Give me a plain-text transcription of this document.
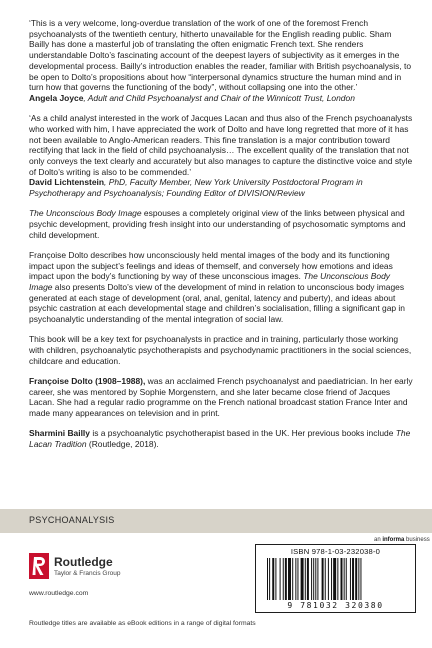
‘This is a very welcome, long-overdue translation of the work of one of the foremost French psychoanalysts of the twentieth century, hitherto unavailable for the English reading public. Sham Bailly has done a masterful job of translating the often enigmatic French text. She renders understandable Dolto’s fascinating account of the deepest layers of subjectivity as it emerges in the developmental process. Bailly’s introduction enables the reader, familiar with British psychoanalysis, to be open to Dolto’s propositions about how “interpersonal dynamics structure the human mind and in turn how that governs the functioning of the body”, without collapsing one into the other.’

Angela Joyce, Adult and Child Psychoanalyst and Chair of the Winnicott Trust, London

‘As a child analyst interested in the work of Jacques Lacan and thus also of the French psychoanalysts who worked with him, I have appreciated the work of Dolto and have long regretted that more of it has not been available to Anglo-American readers. This fine translation is a major contribution toward rectifying that lack in the field of child psychoanalysis… The excellent quality of the translation that not only conveys the text clearly and accurately but also manages to capture the distinctive voice and style of Dolto’s writing is also to be commended.’

David Lichtenstein, PhD, Faculty Member, New York University Postdoctoral Program in Psychotherapy and Psychoanalysis; Founding Editor of DIVISION/Review

The Unconscious Body Image espouses a completely original view of the links between physical and psychic development, providing fresh insight into our understanding of psychosomatic symptoms and child development.

Françoise Dolto describes how unconsciously held mental images of the body and its functioning impact upon the subject’s feelings and ideas of themself, and conversely how emotions and ideas impact upon the body’s functioning by way of these unconscious images. The Unconscious Body Image also presents Dolto’s view of the development of mind in relation to unconscious body images generated at each stage of development (oral, anal, genital, latency and puberty), and ideas about psychic castration at each developmental stage and children’s socialisation, filling a significant gap in psychoanalytic understanding of the mental integration of social law.

This book will be a key text for psychoanalysts in practice and in training, particularly those working with children, psychoanalytic psychotherapists and psychodynamic practitioners in the social sciences, childcare and education.

Françoise Dolto (1908–1988), was an acclaimed French psychoanalyst and paediatrician. In her early career, she was mentored by Sophie Morgenstern, and she later became close friend of Jacques Lacan. She had a regular radio programme on the French national broadcast station France Inter and made many appearances on television and in print.

Sharmini Bailly is a psychoanalytic psychotherapist based in the UK. Her previous books include The Lacan Tradition (Routledge, 2018).

PSYCHOANALYSIS
Routledge
Taylor & Francis Group
www.routledge.com
Routledge titles are available as eBook editions in a range of digital formats
an informa business
ISBN 978-1-03-232038-0
9 781032 320380
